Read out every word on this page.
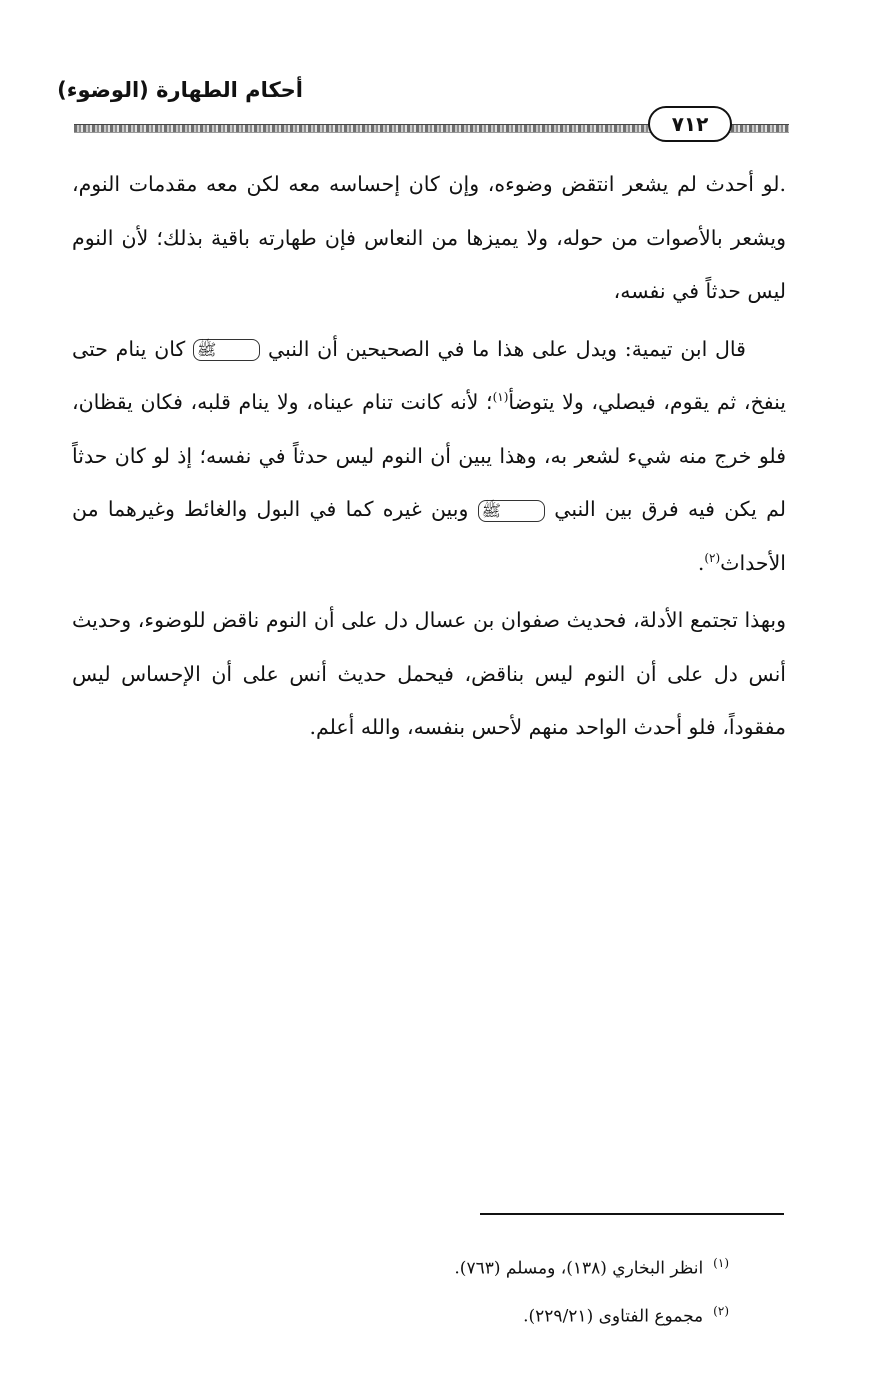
أحكام الطهارة (الوضوء)
٧١٢

.لو أحدث لم يشعر انتقض وضوءه، وإن كان إحساسه معه لكن معه مقدمات النوم، ويشعر بالأصوات من حوله، ولا يميزها من النعاس فإن طهارته باقية بذلك؛ لأن النوم ليس حدثاً في نفسه،

قال ابن تيمية: ويدل على هذا ما في الصحيحين أن النبي ﷺ كان ينام حتى ينفخ، ثم يقوم، فيصلي، ولا يتوضأ$^{(١)}$؛ لأنه كانت تنام عيناه، ولا ينام قلبه، فكان يقظان، فلو خرج منه شيء لشعر به، وهذا يبين أن النوم ليس حدثاً في نفسه؛ إذ لو كان حدثاً لم يكن فيه فرق بين النبي ﷺ وبين غيره كما في البول والغائط وغيرهما من الأحداث$^{(٢)}$.

وبهذا تجتمع الأدلة، فحديث صفوان بن عسال دل على أن النوم ناقض للوضوء، وحديث أنس دل على أن النوم ليس بناقض، فيحمل حديث أنس على أن الإحساس ليس مفقوداً، فلو أحدث الواحد منهم لأحس بنفسه، والله أعلم.

$^{(١)}$انظر البخاري (١٣٨)، ومسلم (٧٦٣).
$^{(٢)}$مجموع الفتاوى (٢٢٩/٢١).
